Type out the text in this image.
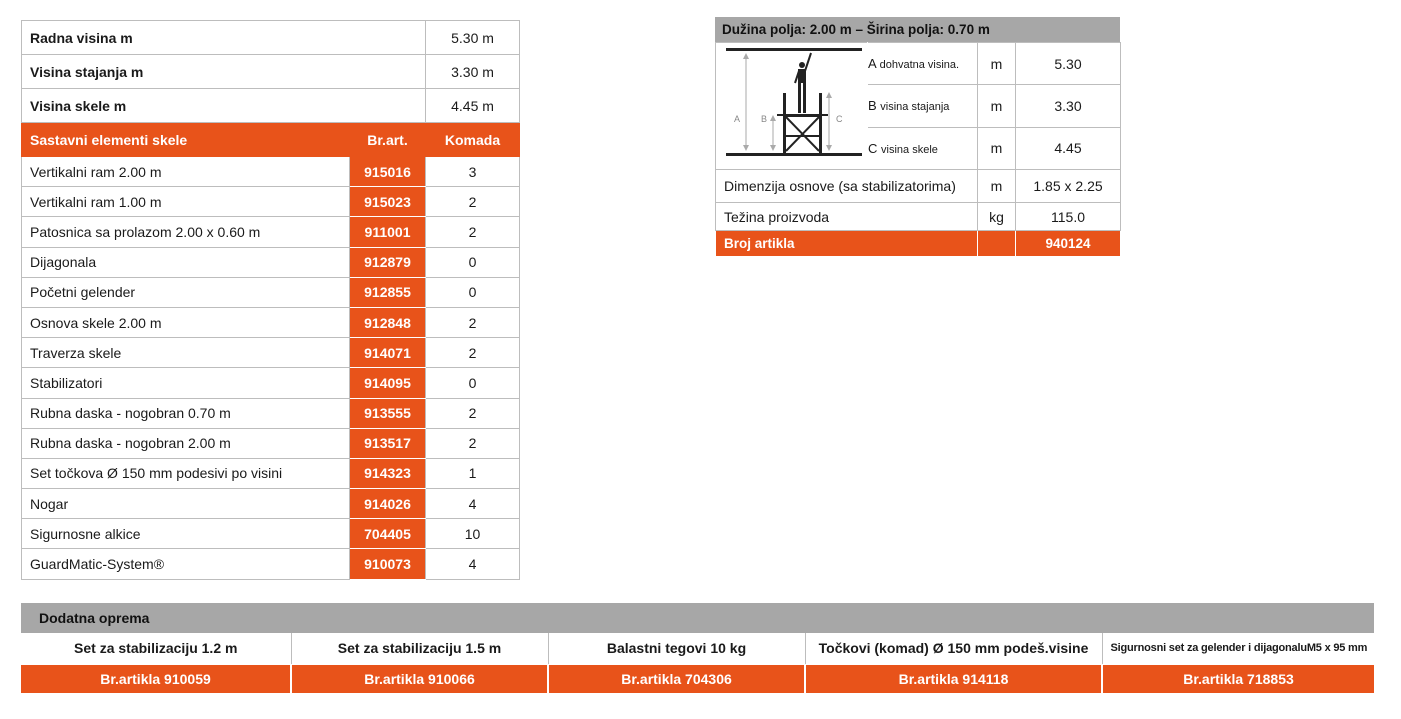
Radna visina m		5.30 m
Visina stajanja m		3.30 m
Visina skele m		4.45 m
Sastavni elementi skele	Br.art.	Komada
Vertikalni ram 2.00 m	915016	3
Vertikalni ram 1.00 m	915023	2
Patosnica sa prolazom 2.00 x 0.60 m	911001	2
Dijagonala	912879	0
Početni gelender	912855	0
Osnova skele 2.00 m	912848	2
Traverza skele	914071	2
Stabilizatori	914095	0
Rubna daska - nogobran 0.70 m	913555	2
Rubna daska - nogobran 2.00 m	913517	2
Set točkova Ø 150 mm podesivi po visini	914323	1
Nogar	914026	4
Sigurnosne alkice	704405	10
GuardMatic-System®	910073	4
Dužina polja: 2.00 m – Širina polja: 0.70 m
A B C	A dohvatna visina.	m	5.30
	B visina stajanja	m	3.30
	C visina skele	m	4.45
Dimenzija osnove (sa stabilizatorima)		m	1.85 x 2.25
Težina proizvoda		kg	115.0
Broj artikla			940124
Dodatna oprema
Set za stabilizaciju 1.2 m	Set za stabilizaciju 1.5 m	Balastni tegovi 10 kg	Točkovi (komad) Ø 150 mm podeš.visine	Sigurnosni set za gelender i dijagonaluM5 x 95 mm
Br.artikla 910059	Br.artikla 910066	Br.artikla 704306	Br.artikla 914118	Br.artikla 718853
